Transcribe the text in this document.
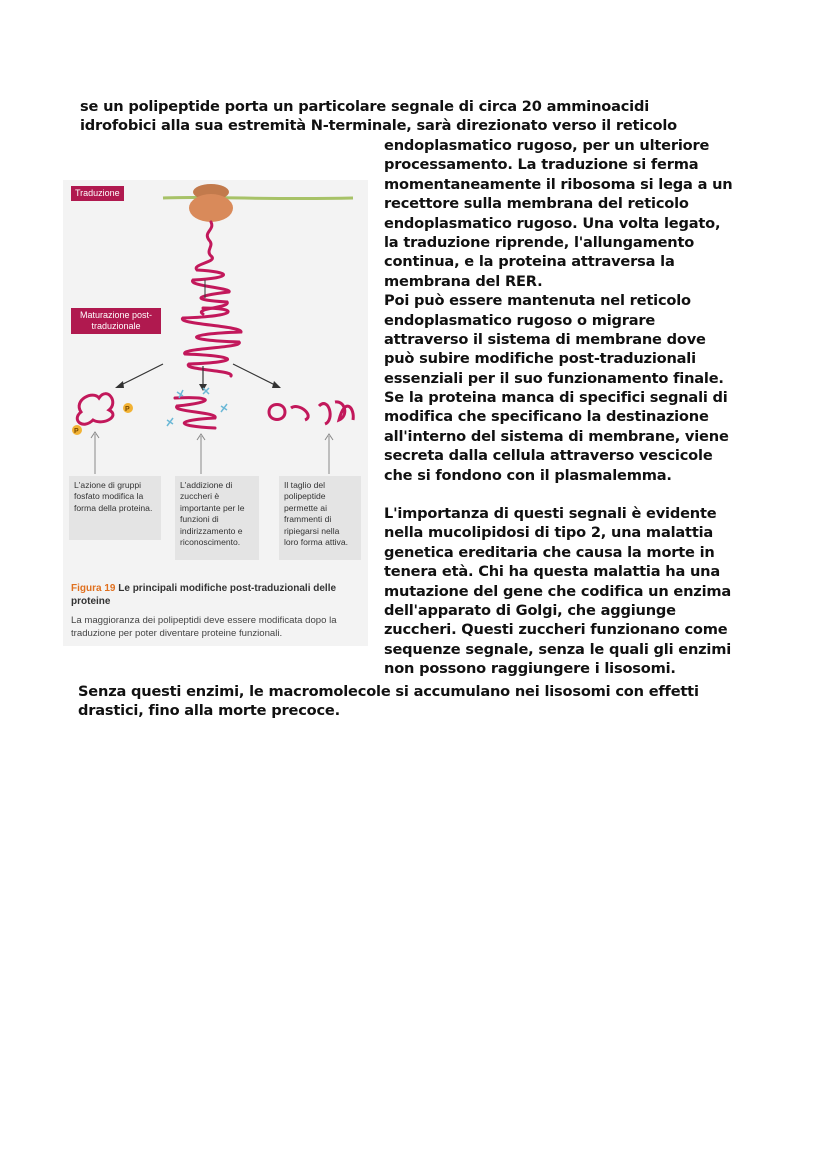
se un polipeptide porta un particolare segnale di circa 20 amminoacidi
idrofobici alla sua estremità N-terminale, sarà direzionato verso il reticolo
endoplasmatico rugoso, per un ulteriore
processamento. La traduzione si ferma
momentaneamente il ribosoma si lega a un
recettore sulla membrana del reticolo
endoplasmatico rugoso. Una volta legato,
la traduzione riprende, l'allungamento
continua, e la proteina attraversa la
membrana del RER.
Poi può essere mantenuta nel reticolo
endoplasmatico rugoso o migrare
attraverso il sistema di membrane dove
può subire modifiche post-traduzionali
essenziali per il suo funzionamento finale.
Se la proteina manca di specifici segnali di
modifica che specificano la destinazione
all'interno del sistema di membrane, viene
secreta dalla cellula attraverso vescicole
che si fondono con il plasmalemma.
L'importanza di questi segnali è evidente
nella mucolipidosi di tipo 2, una malattia
genetica ereditaria che causa la morte in
tenera età. Chi ha questa malattia ha una
mutazione del gene che codifica un enzima
dell'apparato di Golgi, che aggiunge
zuccheri. Questi zuccheri funzionano come
sequenze segnale, senza le quali gli enzimi
non possono raggiungere i lisosomi.
Senza questi enzimi, le macromolecole si accumulano nei lisosomi con effetti
drastici, fino alla morte precoce.
P
P
Traduzione
Maturazione post-traduzionale
L'azione di gruppi fosfato modifica la forma della proteina.
L'addizione di zuccheri è importante per le funzioni di indirizzamento e riconoscimento.
Il taglio del polipeptide permette ai frammenti di ripiegarsi nella loro forma attiva.
Figura 19 Le principali modifiche post-traduzionali delle proteine
La maggioranza dei polipeptidi deve essere modificata dopo la traduzione per poter diventare proteine funzionali.
